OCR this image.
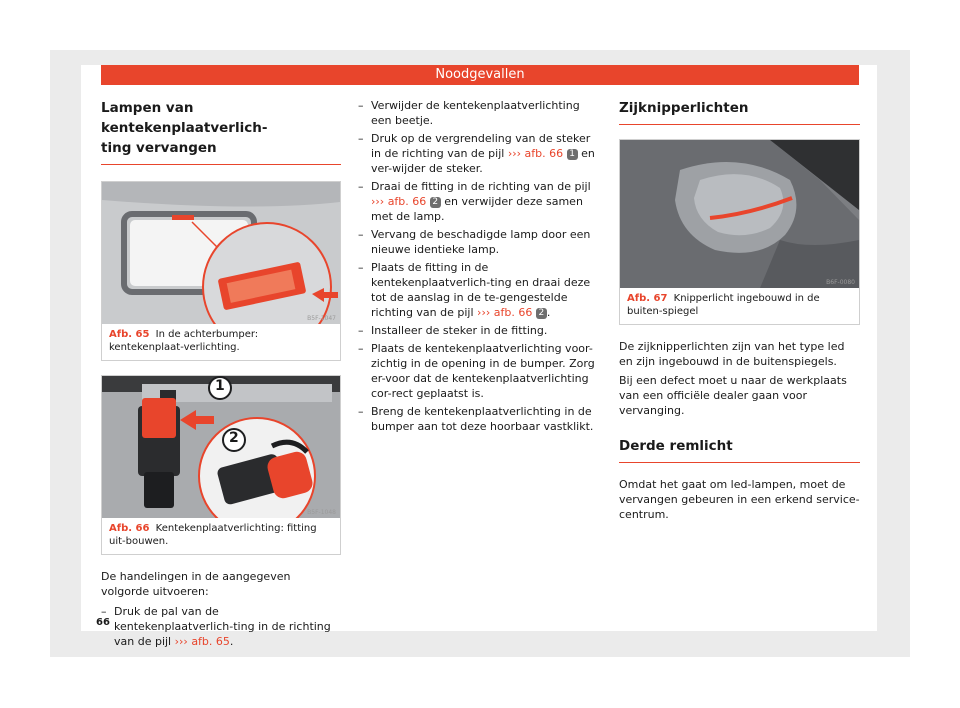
Noodgevallen
Lampen van kentekenplaatverlich-
ting vervangen
B5F-1047
Afb. 65 In de achterbumper: kentekenplaat-verlichting.
1
2
B5F-1048
Afb. 66 Kentekenplaatverlichting: fitting uit-bouwen.

De handelingen in de aangegeven volgorde uitvoeren:

– Druk de pal van de kentekenplaatverlich-ting in de richting van de pijl ››› afb. 65.
– Verwijder de kentekenplaatverlichting een beetje.
– Druk op de vergrendeling van de steker in de richting van de pijl ››› afb. 66 1 en ver-wijder de steker.
– Draai de fitting in de richting van de pijl ››› afb. 66 2 en verwijder deze samen met de lamp.
– Vervang de beschadigde lamp door een nieuwe identieke lamp.
– Plaats de fitting in de kentekenplaatverlich-ting en draai deze tot de aanslag in de te-gengestelde richting van de pijl ››› afb. 66 2 .
– Installeer de steker in de fitting.
– Plaats de kentekenplaatverlichting voor-zichtig in de opening in de bumper. Zorg er-voor dat de kentekenplaatverlichting cor-rect geplaatst is.
– Breng de kentekenplaatverlichting in de bumper aan tot deze hoorbaar vastklikt.
Zijknipperlichten
B6F-0080
Afb. 67 Knipperlicht ingebouwd in de buiten-spiegel

De zijknipperlichten zijn van het type led en zijn ingebouwd in de buitenspiegels.

Bij een defect moet u naar de werkplaats van een officiële dealer gaan voor vervanging.

Derde remlicht

Omdat het gaat om led-lampen, moet de vervangen gebeuren in een erkend service-centrum.

66
